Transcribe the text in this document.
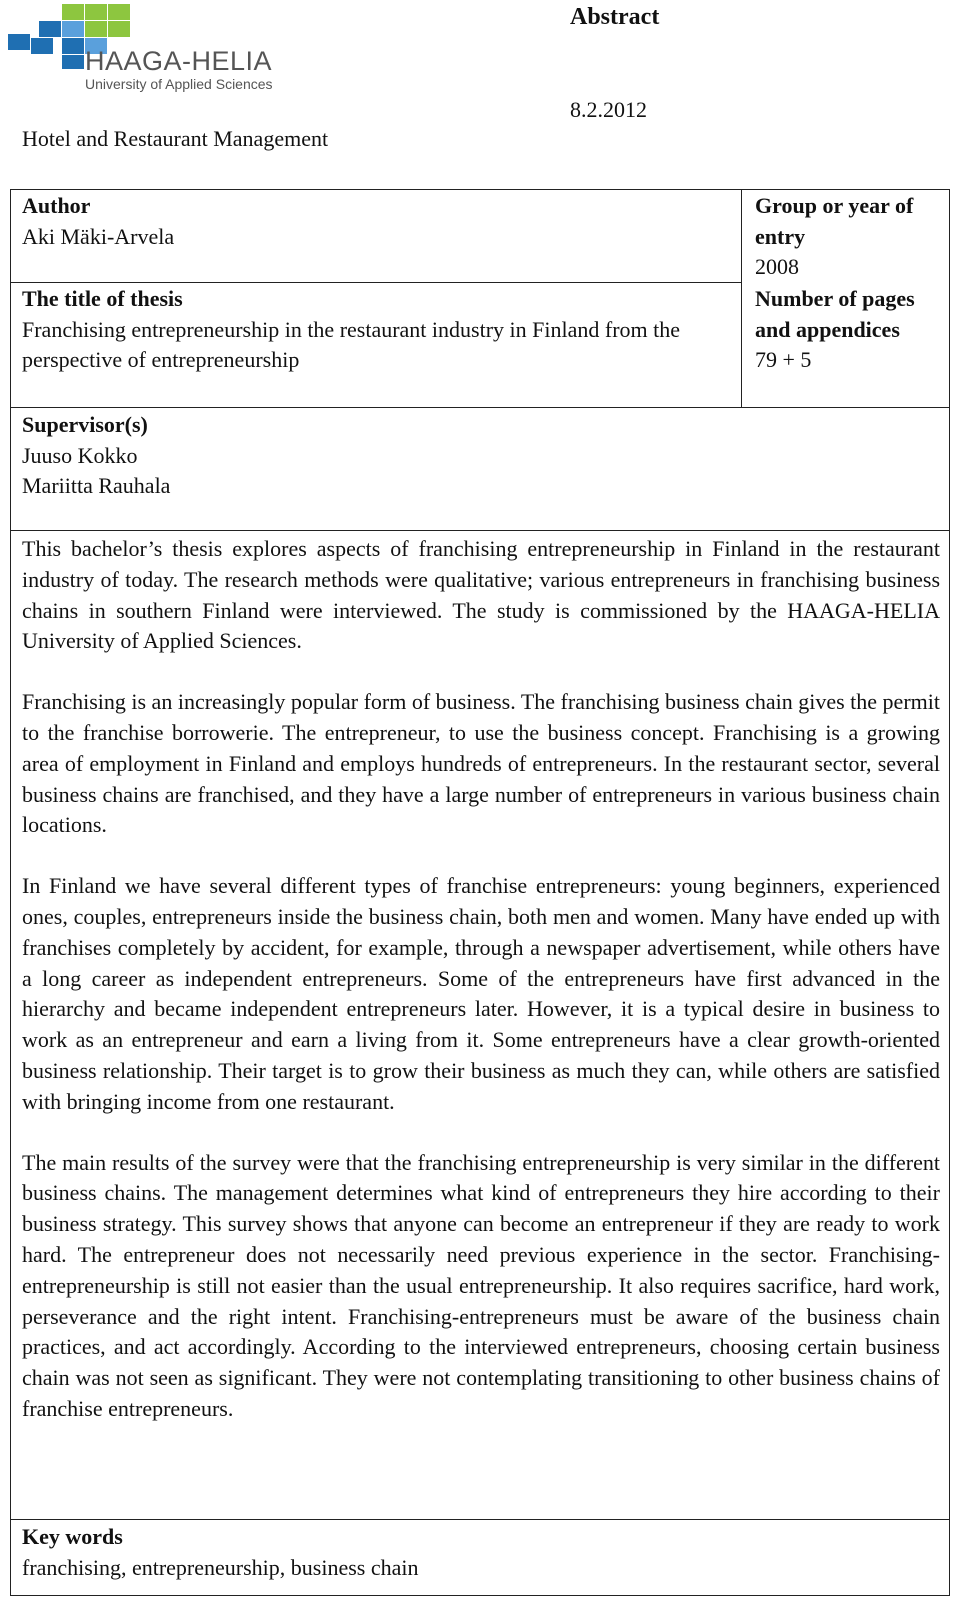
HAAGA-HELIA
University of Applied Sciences
Abstract
8.2.2012
Hotel and Restaurant Management
Author
Aki Mäki-Arvela
Group or year of entry
2008
The title of thesis
Franchising entrepreneurship in the restaurant industry in Finland from the perspective of entrepreneurship
Number of pages and appendices
79 + 5
Supervisor(s)
Juuso Kokko
Mariitta Rauhala

This bachelor’s thesis explores aspects of franchising entrepreneurship in Finland in the restaurant industry of today. The research methods were qualitative; various entrepreneurs in franchising business chains in southern Finland were interviewed. The study is commissioned by the HAAGA-HELIA University of Applied Sciences.

Franchising is an increasingly popular form of business. The franchising business chain gives the permit to the franchise borrowerie. The entrepreneur, to use the business concept. Franchising is a growing area of employment in Finland and employs hundreds of entrepreneurs. In the restaurant sector, several business chains are franchised, and they have a large number of entrepreneurs in various business chain locations.

In Finland we have several different types of franchise entrepreneurs: young beginners, experienced ones, couples, entrepreneurs inside the business chain, both men and women. Many have ended up with franchises completely by accident, for example, through a newspaper advertisement, while others have a long career as independent entrepreneurs. Some of the entrepreneurs have first advanced in the hierarchy and became independent entrepreneurs later. However, it is a typical desire in business to work as an entrepreneur and earn a living from it. Some entrepreneurs have a clear growth-oriented business relationship. Their target is to grow their business as much they can, while others are satisfied with bringing income from one restaurant.

The main results of the survey were that the franchising entrepreneurship is very similar in the different business chains. The management determines what kind of entrepreneurs they hire according to their business strategy. This survey shows that anyone can become an entrepreneur if they are ready to work hard. The entrepreneur does not necessarily need previous experience in the sector. Franchising-entrepreneurship is still not easier than the usual entrepreneurship. It also requires sacrifice, hard work, perseverance and the right intent. Franchising-entrepreneurs must be aware of the business chain practices, and act accordingly. According to the interviewed entrepreneurs, choosing certain business chain was not seen as significant. They were not contemplating transitioning to other business chains of franchise entrepreneurs.

Key words
franchising, entrepreneurship, business chain
